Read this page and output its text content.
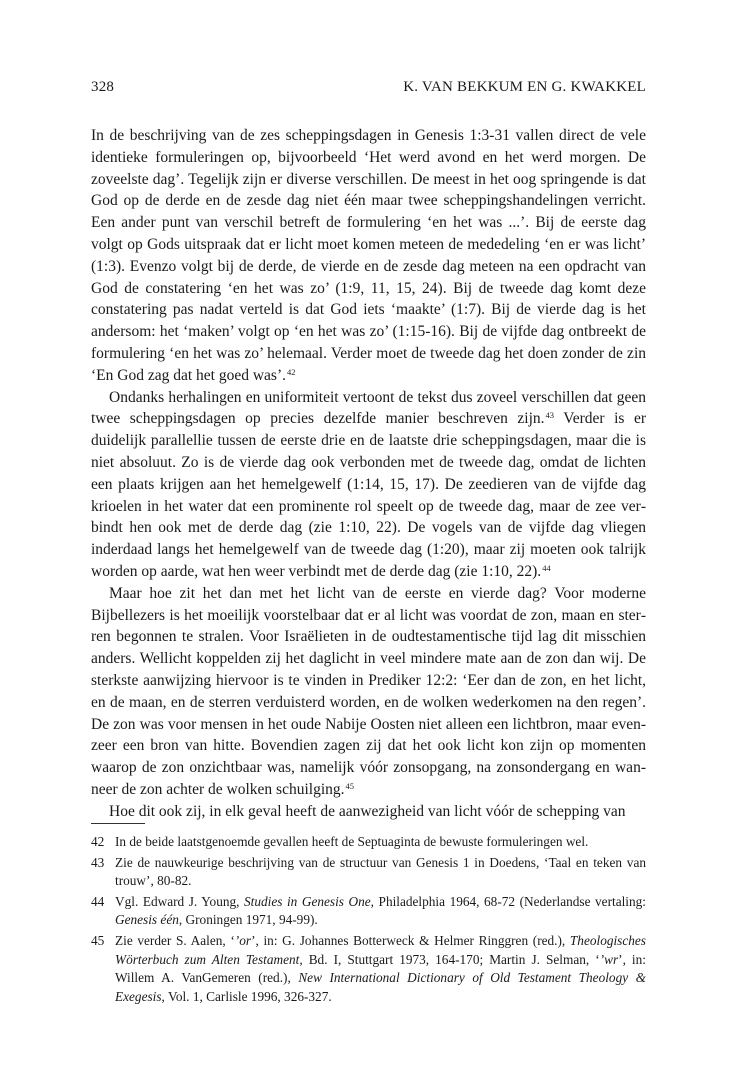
328	K. VAN BEKKUM EN G. KWAKKEL

In de beschrijving van de zes scheppingsdagen in Genesis 1:3-31 vallen direct de vele identieke formuleringen op, bijvoorbeeld ‘Het werd avond en het werd morgen. De zoveelste dag’. Tegelijk zijn er diverse verschillen. De meest in het oog springende is dat God op de derde en de zesde dag niet één maar twee scheppingshandelingen verricht. Een ander punt van verschil betreft de formulering ‘en het was ...’. Bij de eerste dag volgt op Gods uitspraak dat er licht moet komen meteen de mededeling ‘en er was licht’ (1:3). Evenzo volgt bij de derde, de vierde en de zesde dag meteen na een opdracht van God de constatering ‘en het was zo’ (1:9, 11, 15, 24). Bij de tweede dag komt deze constatering pas nadat verteld is dat God iets ‘maakte’ (1:7). Bij de vierde dag is het andersom: het ‘maken’ volgt op ‘en het was zo’ (1:15-16). Bij de vijfde dag ontbreekt de formulering ‘en het was zo’ helemaal. Verder moet de tweede dag het doen zonder de zin ‘En God zag dat het goed was’.$^{42}$

Ondanks herhalingen en uniformiteit vertoont de tekst dus zoveel verschillen dat geen twee scheppingsdagen op precies dezelfde manier beschreven zijn.$^{43}$ Verder is er duidelijk parallellie tussen de eerste drie en de laatste drie scheppingsdagen, maar die is niet absoluut. Zo is de vierde dag ook verbonden met de tweede dag, omdat de lichten een plaats krijgen aan het hemelgewelf (1:14, 15, 17). De zeedieren van de vijfde dag krioelen in het water dat een prominente rol speelt op de tweede dag, maar de zee verbindt hen ook met de derde dag (zie 1:10, 22). De vogels van de vijfde dag vliegen inderdaad langs het hemelgewelf van de tweede dag (1:20), maar zij moeten ook talrijk worden op aarde, wat hen weer verbindt met de derde dag (zie 1:10, 22).$^{44}$

Maar hoe zit het dan met het licht van de eerste en vierde dag? Voor moderne Bijbellezers is het moeilijk voorstelbaar dat er al licht was voordat de zon, maan en sterren begonnen te stralen. Voor Israëlieten in de oudtestamentische tijd lag dit misschien anders. Wellicht koppelden zij het daglicht in veel mindere mate aan de zon dan wij. De sterkste aanwijzing hiervoor is te vinden in Prediker 12:2: ‘Eer dan de zon, en het licht, en de maan, en de sterren verduisterd worden, en de wolken wederkomen na den regen’. De zon was voor mensen in het oude Nabije Oosten niet alleen een lichtbron, maar evenzeer een bron van hitte. Bovendien zagen zij dat het ook licht kon zijn op momenten waarop de zon onzichtbaar was, namelijk vóór zonsopgang, na zonsondergang en wanneer de zon achter de wolken schuilging.$^{45}$

Hoe dit ook zij, in elk geval heeft de aanwezigheid van licht vóór de schepping van

42 In de beide laatstgenoemde gevallen heeft de Septuaginta de bewuste formuleringen wel.
43 Zie de nauwkeurige beschrijving van de structuur van Genesis 1 in Doedens, ‘Taal en teken van trouw’, 80-82.
44 Vgl. Edward J. Young, Studies in Genesis One, Philadelphia 1964, 68-72 (Nederlandse vertaling: Genesis één, Groningen 1971, 94-99).
45 Zie verder S. Aalen, ‘’or’, in: G. Johannes Botterweck & Helmer Ringgren (red.), Theologisches Wörterbuch zum Alten Testament, Bd. I, Stuttgart 1973, 164-170; Martin J. Selman, ‘’wr’, in: Willem A. VanGemeren (red.), New International Dictionary of Old Testament Theology & Exegesis, Vol. 1, Carlisle 1996, 326-327.
